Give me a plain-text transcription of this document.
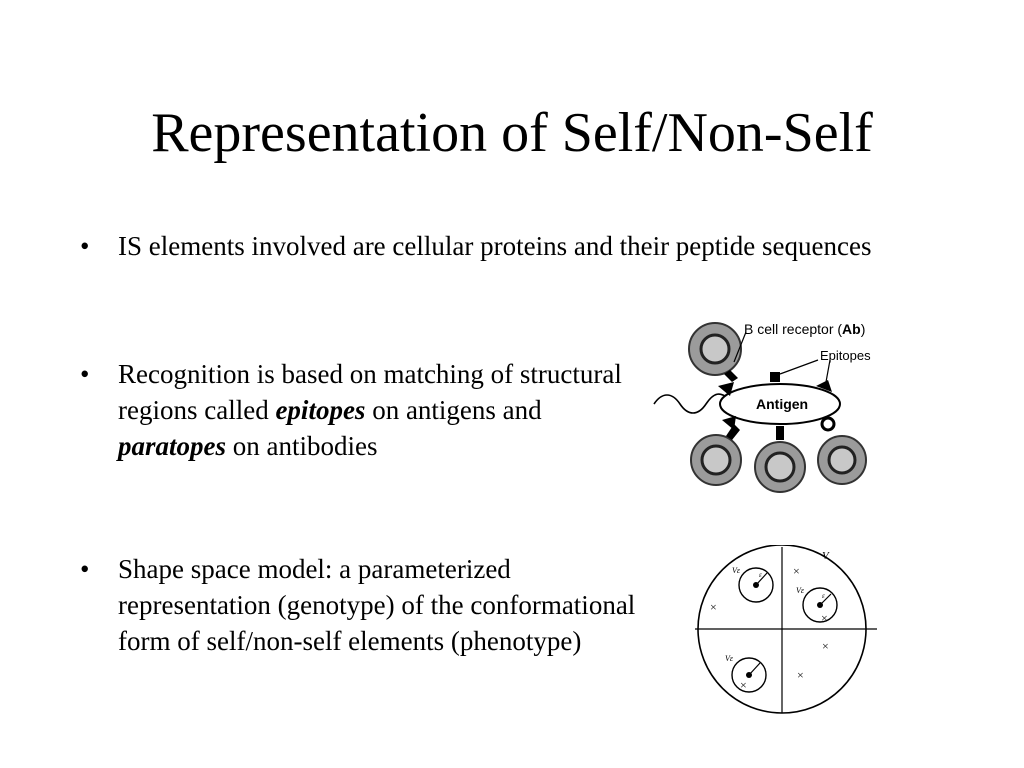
Representation of Self/Non-Self
•	IS elements involved are cellular proteins and their peptide sequences
•	Recognition is based on matching of structural regions called epitopes on antigens and paratopes on antibodies
•	Shape space model: a parameterized representation (genotype) of the conformational form of self/non-self elements (phenotype)
B cell receptor (Ab)
Epitopes
Antigen
V
Vε	ε
Vε
ε
Vε
×
×
×
×
×
×
